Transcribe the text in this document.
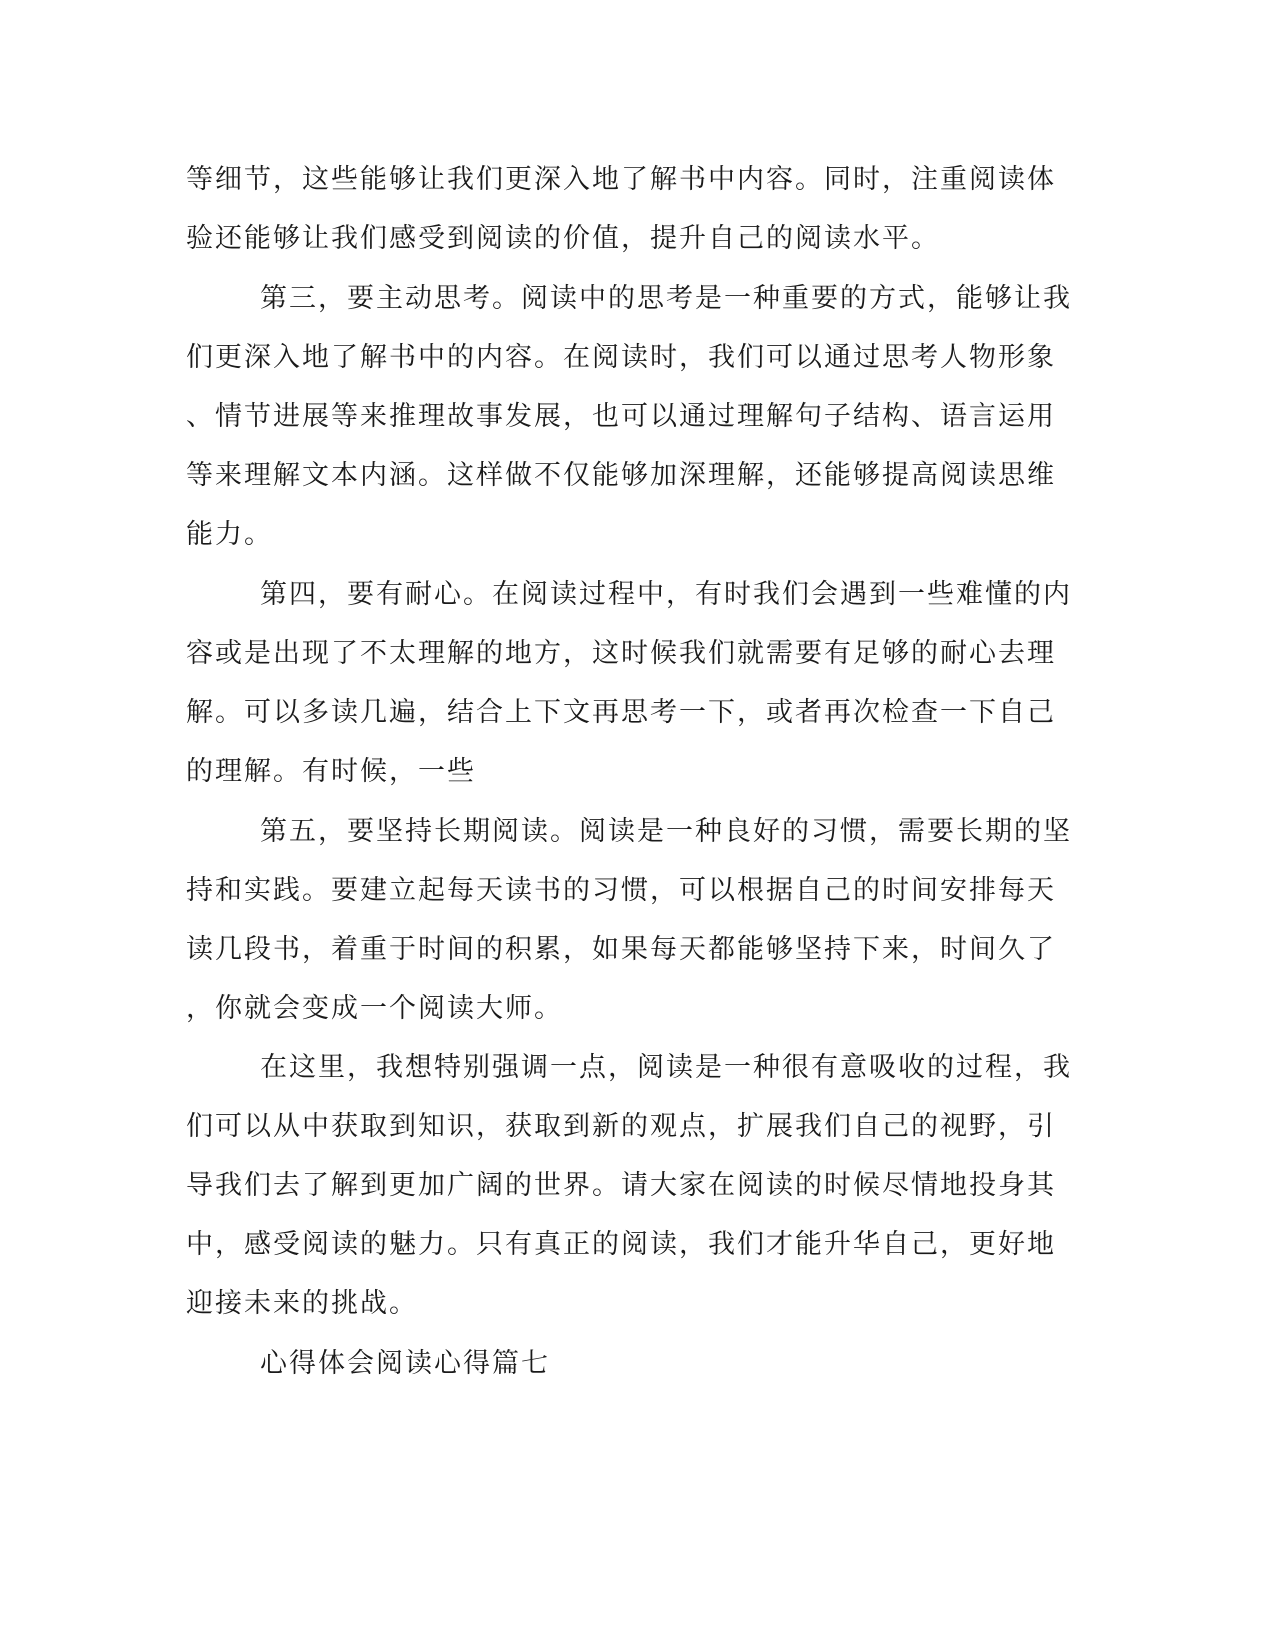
等细节，这些能够让我们更深入地了解书中内容。同时，注重阅读体

验还能够让我们感受到阅读的价值，提升自己的阅读水平。

第三，要主动思考。阅读中的思考是一种重要的方式，能够让我

们更深入地了解书中的内容。在阅读时，我们可以通过思考人物形象

、情节进展等来推理故事发展，也可以通过理解句子结构、语言运用

等来理解文本内涵。这样做不仅能够加深理解，还能够提高阅读思维

能力。

第四，要有耐心。在阅读过程中，有时我们会遇到一些难懂的内

容或是出现了不太理解的地方，这时候我们就需要有足够的耐心去理

解。可以多读几遍，结合上下文再思考一下，或者再次检查一下自己

的理解。有时候，一些

第五，要坚持长期阅读。阅读是一种良好的习惯，需要长期的坚

持和实践。要建立起每天读书的习惯，可以根据自己的时间安排每天

读几段书，着重于时间的积累，如果每天都能够坚持下来，时间久了

，你就会变成一个阅读大师。

在这里，我想特别强调一点，阅读是一种很有意吸收的过程，我

们可以从中获取到知识，获取到新的观点，扩展我们自己的视野，引

导我们去了解到更加广阔的世界。请大家在阅读的时候尽情地投身其

中，感受阅读的魅力。只有真正的阅读，我们才能升华自己，更好地

迎接未来的挑战。

心得体会阅读心得篇七
